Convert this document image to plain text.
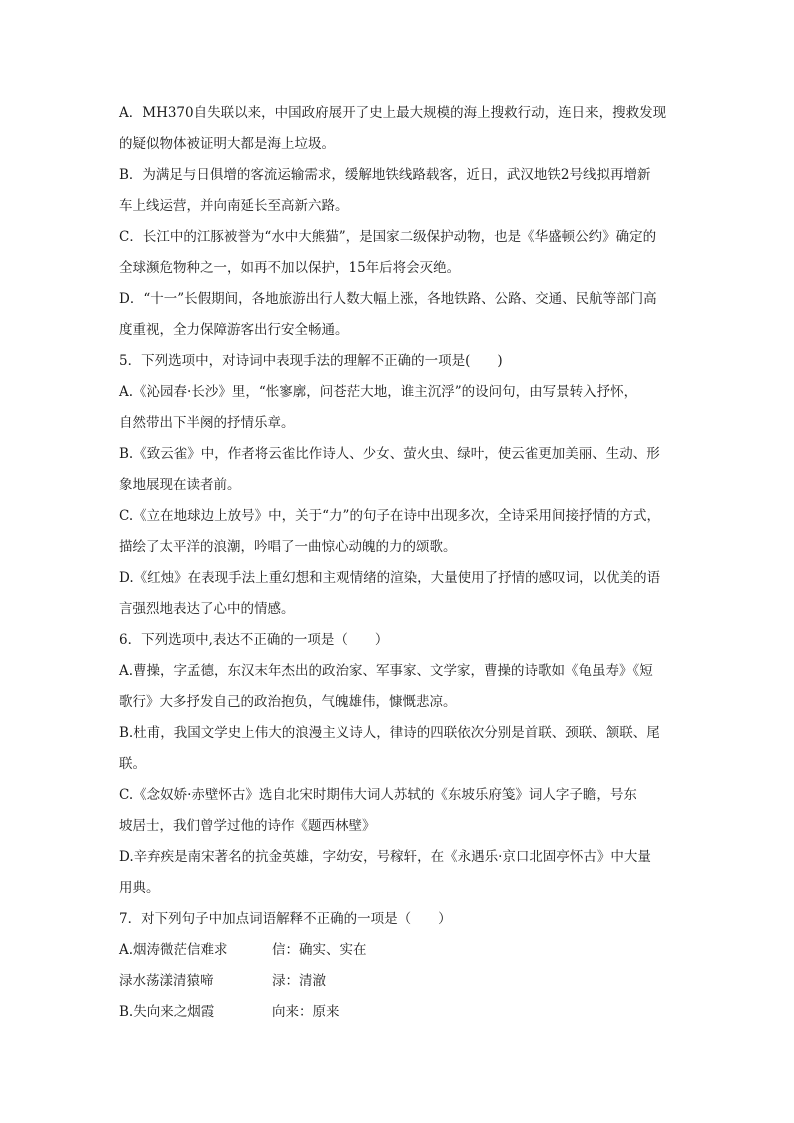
A．MH370自失联以来，中国政府展开了史上最大规模的海上搜救行动，连日来，搜救发现
的疑似物体被证明大都是海上垃圾。
B．为满足与日俱增的客流运输需求，缓解地铁线路载客，近日，武汉地铁2号线拟再增新
车上线运营，并向南延长至高新六路。
C．长江中的江豚被誉为“水中大熊猫”，是国家二级保护动物，也是《华盛顿公约》确定的
全球濒危物种之一，如再不加以保护，15年后将会灭绝。
D．“十一”长假期间，各地旅游出行人数大幅上涨，各地铁路、公路、交通、民航等部门高
度重视，全力保障游客出行安全畅通。
5．下列选项中，对诗词中表现手法的理解不正确的一项是(　　)
A.《沁园春·长沙》里，“怅寥廓，问苍茫大地，谁主沉浮”的设问句，由写景转入抒怀，
自然带出下半阕的抒情乐章。
B.《致云雀》中，作者将云雀比作诗人、少女、萤火虫、绿叶，使云雀更加美丽、生动、形
象地展现在读者前。
C.《立在地球边上放号》中，关于“力”的句子在诗中出现多次，全诗采用间接抒情的方式，
描绘了太平洋的浪潮，吟唱了一曲惊心动魄的力的颂歌。
D.《红烛》在表现手法上重幻想和主观情绪的渲染，大量使用了抒情的感叹词，以优美的语
言强烈地表达了心中的情感。
6．下列选项中,表达不正确的一项是（　　）
A.曹操，字孟德，东汉末年杰出的政治家、军事家、文学家，曹操的诗歌如《龟虽寿》《短
歌行》大多抒发自己的政治抱负，气魄雄伟，慷慨悲凉。
B.杜甫，我国文学史上伟大的浪漫主义诗人，律诗的四联依次分别是首联、颈联、颔联、尾
联。
C.《念奴娇·赤壁怀古》选自北宋时期伟大词人苏轼的《东坡乐府笺》词人字子瞻，号东
坡居士，我们曾学过他的诗作《题西林壁》
D.辛弃疾是南宋著名的抗金英雄，字幼安，号稼轩，在《永遇乐·京口北固亭怀古》中大量
用典。
7．对下列句子中加点词语解释不正确的一项是（　　）
A.烟涛微茫信难求	信：确实、实在
渌水荡漾清猿啼	渌：清澈
B.失向来之烟霞	向来：原来
